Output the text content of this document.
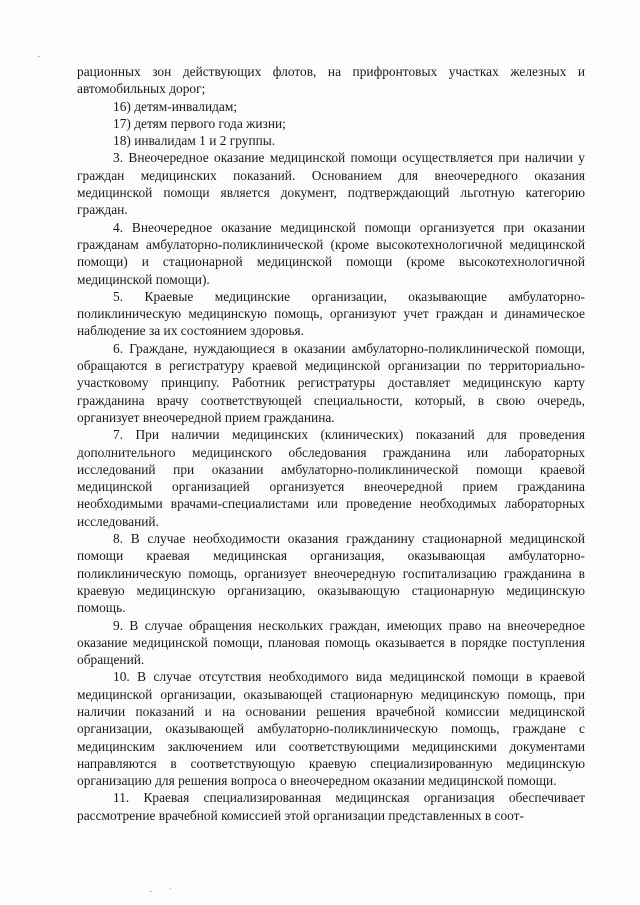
рационных зон действующих флотов, на прифронтовых участках железных и автомобильных дорог;

16) детям-инвалидам;

17) детям первого года жизни;

18) инвалидам 1 и 2 группы.

3. Внеочередное оказание медицинской помощи осуществляется при наличии у граждан медицинских показаний. Основанием для внеочередного оказания медицинской помощи является документ, подтверждающий льготную категорию граждан.

4. Внеочередное оказание медицинской помощи организуется при оказании гражданам амбулаторно-поликлинической (кроме высокотехнологичной медицинской помощи) и стационарной медицинской помощи (кроме высокотехнологичной медицинской помощи).

5. Краевые медицинские организации, оказывающие амбулаторно-поликлиническую медицинскую помощь, организуют учет граждан и динамическое наблюдение за их состоянием здоровья.

6. Граждане, нуждающиеся в оказании амбулаторно-поликлинической помощи, обращаются в регистратуру краевой медицинской организации по территориально-участковому принципу. Работник регистратуры доставляет медицинскую карту гражданина врачу соответствующей специальности, который, в свою очередь, организует внеочередной прием гражданина.

7. При наличии медицинских (клинических) показаний для проведения дополнительного медицинского обследования гражданина или лабораторных исследований при оказании амбулаторно-поликлинической помощи краевой медицинской организацией организуется внеочередной прием гражданина необходимыми врачами-специалистами или проведение необходимых лабораторных исследований.

8. В случае необходимости оказания гражданину стационарной медицинской помощи краевая медицинская организация, оказывающая амбулаторно-поликлиническую помощь, организует внеочередную госпитализацию гражданина в краевую медицинскую организацию, оказывающую стационарную медицинскую помощь.

9. В случае обращения нескольких граждан, имеющих право на внеочередное оказание медицинской помощи, плановая помощь оказывается в порядке поступления обращений.

10. В случае отсутствия необходимого вида медицинской помощи в краевой медицинской организации, оказывающей стационарную медицинскую помощь, при наличии показаний и на основании решения врачебной комиссии медицинской организации, оказывающей амбулаторно-поликлиническую помощь, граждане с медицинским заключением или соответствующими медицинскими документами направляются в соответствующую краевую специализированную медицинскую организацию для решения вопроса о внеочередном оказании медицинской помощи.

11. Краевая специализированная медицинская организация обеспечивает рассмотрение врачебной комиссией этой организации представленных в соот-
